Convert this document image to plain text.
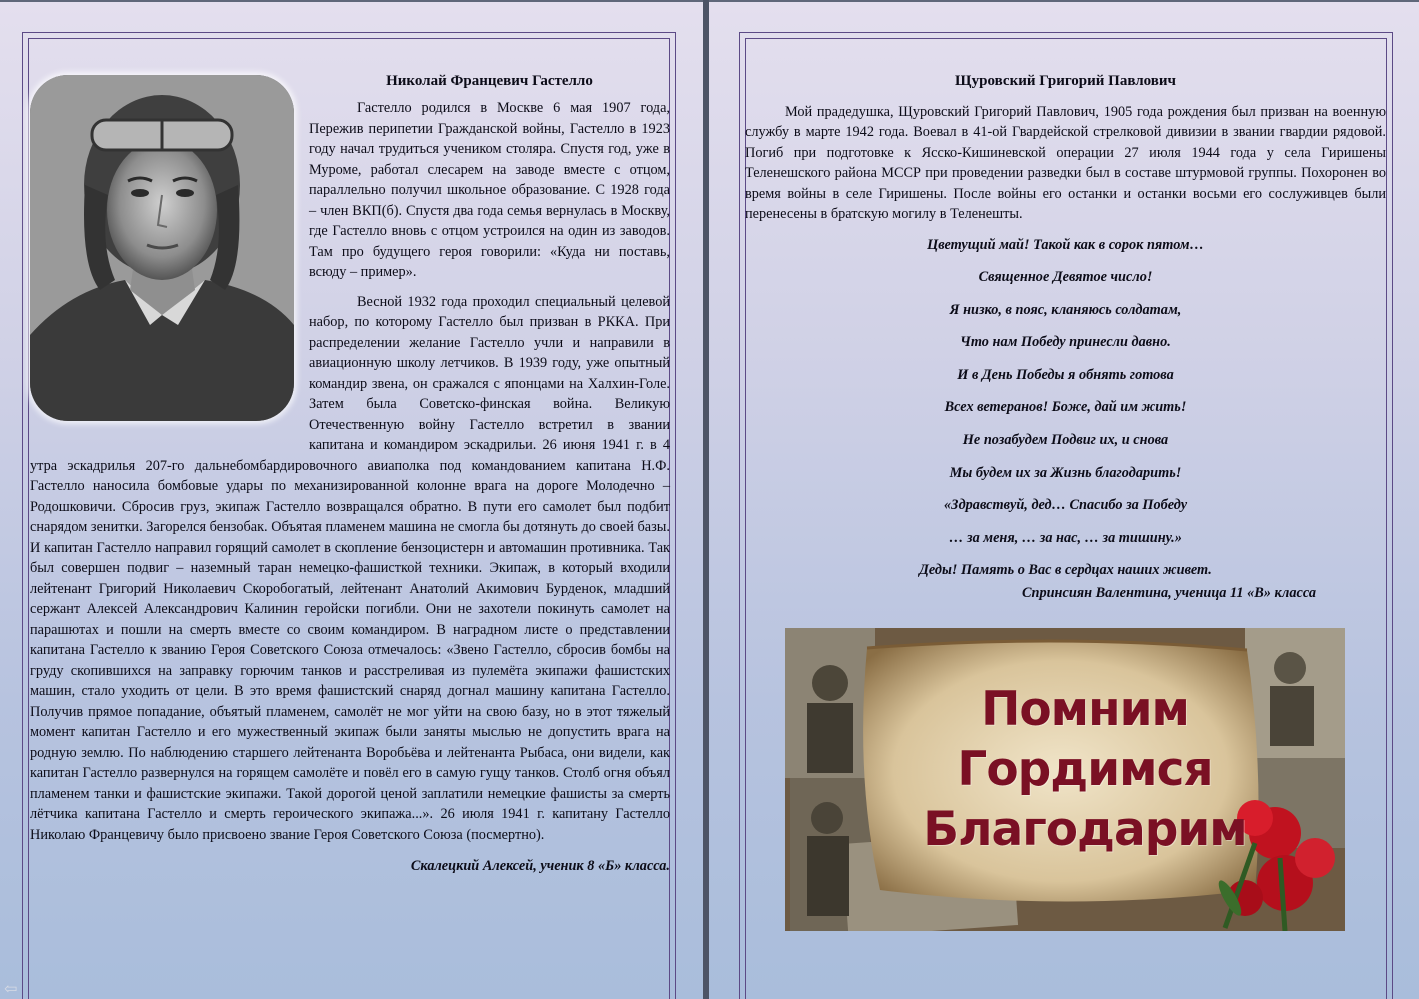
Николай Францевич Гастелло

Гастелло родился в Москве 6 мая 1907 года, Пережив перипетии Гражданской войны, Гастелло в 1923 году начал трудиться учеником столяра. Спустя год, уже в Муроме, работал слесарем на заводе вместе с отцом, параллельно получил школьное образование. С 1928 года – член ВКП(б). Спустя два года семья вернулась в Москву, где Гастелло вновь с отцом устроился на один из заводов. Там про будущего героя говорили: «Куда ни поставь, всюду – пример».

Весной 1932 года проходил специальный целевой набор, по которому Гастелло был призван в РККА. При распределении желание Гастелло учли и направили в авиационную школу летчиков. В 1939 году, уже опытный командир звена, он сражался с японцами на Халхин-Голе. Затем была Советско-финская война. Великую Отечественную войну Гастелло встретил в звании капитана и командиром эскадрильи. 26 июня 1941 г. в 4 утра эскадрилья 207-го дальнебомбардировочного авиаполка под командованием капитана Н.Ф. Гастелло наносила бомбовые удары по механизированной колонне врага на дороге Молодечно – Родошковичи. Сбросив груз, экипаж Гастелло возвращался обратно. В пути его самолет был подбит снарядом зенитки. Загорелся бензобак. Объятая пламенем машина не смогла бы дотянуть до своей базы. И капитан Гастелло направил горящий самолет в скопление бензоцистерн и автомашин противника. Так был совершен подвиг – наземный таран немецко-фашисткой техники. Экипаж, в который входили лейтенант Григорий Николаевич Скоробогатый, лейтенант Анатолий Акимович Бурденок, младший сержант Алексей Александрович Калинин геройски погибли. Они не захотели покинуть самолет на парашютах и пошли на смерть вместе со своим командиром. В наградном листе о представлении капитана Гастелло к званию Героя Советского Союза отмечалось: «Звено Гастелло, сбросив бомбы на груду скопившихся на заправку горючим танков и расстреливая из пулемёта экипажи фашистских машин, стало уходить от цели. В это время фашистский снаряд догнал машину капитана Гастелло. Получив прямое попадание, объятый пламенем, самолёт не мог уйти на свою базу, но в этот тяжелый момент капитан Гастелло и его мужественный экипаж были заняты мыслью не допустить врага на родную землю. По наблюдению старшего лейтенанта Воробьёва и лейтенанта Рыбаса, они видели, как капитан Гастелло развернулся на горящем самолёте и повёл его в самую гущу танков. Столб огня объял пламенем танки и фашистские экипажи. Такой дорогой ценой заплатили немецкие фашисты за смерть лётчика капитана Гастелло и смерть героического экипажа...». 26 июля 1941 г. капитану Гастелло Николаю Францевичу было присвоено звание Героя Советского Союза (посмертно).

Скалецкий Алексей, ученик 8 «Б» класса.
⇦
Щуровский Григорий Павлович

Мой прадедушка, Щуровский Григорий Павлович, 1905 года рождения был призван на военную службу в марте 1942 года. Воевал в 41-ой Гвардейской стрелковой дивизии в звании гвардии рядовой. Погиб при подготовке к Ясско-Кишиневской операции 27 июля 1944 года у села Гиришены Теленешского района МССР при проведении разведки был в составе штурмовой группы. Похоронен во время войны в селе Гиришены. После войны его останки и останки восьми его сослуживцев были перенесены в братскую могилу в Теленешты.

Цветущий май! Такой как в сорок пятом…
Священное Девятое число!
Я низко, в пояс, кланяюсь солдатам,
Что нам Победу принесли давно.
И в День Победы я обнять готова
Всех ветеранов! Боже, дай им жить!
Не позабудем Подвиг их, и снова
Мы будем их за Жизнь благодарить!
«Здравствуй, дед… Спасибо за Победу
… за меня, … за нас, … за тишину.»
Деды! Память о Вас в сердцах наших живет.
Спринсиян Валентина, ученица 11 «В» класса
Помним
Гордимся
Благодарим
